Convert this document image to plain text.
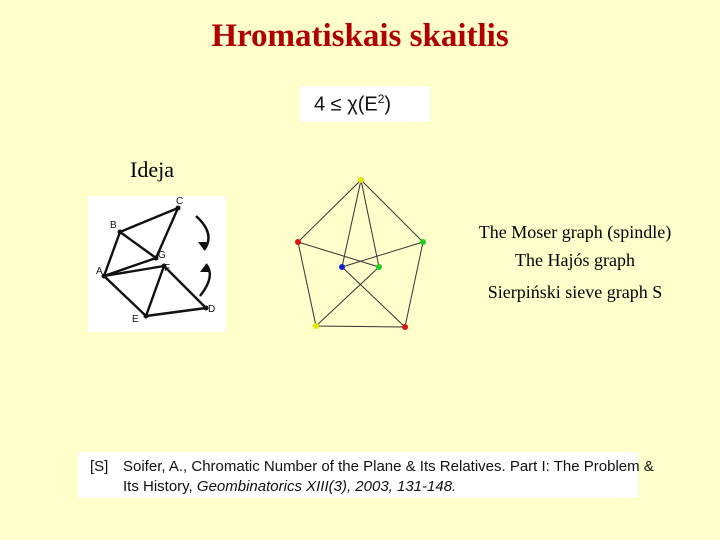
Hromatiskais skaitlis
$4 \le \chi(E^2)$
Ideja
A
B
C
D
E
F
G
The Moser graph (spindle)
The Hajós graph
Sierpiński sieve graph S
[S] Soifer, A., Chromatic Number of the Plane & Its Relatives. Part I: The Problem &
Its History, Geombinatorics XIII(3), 2003, 131-148.
